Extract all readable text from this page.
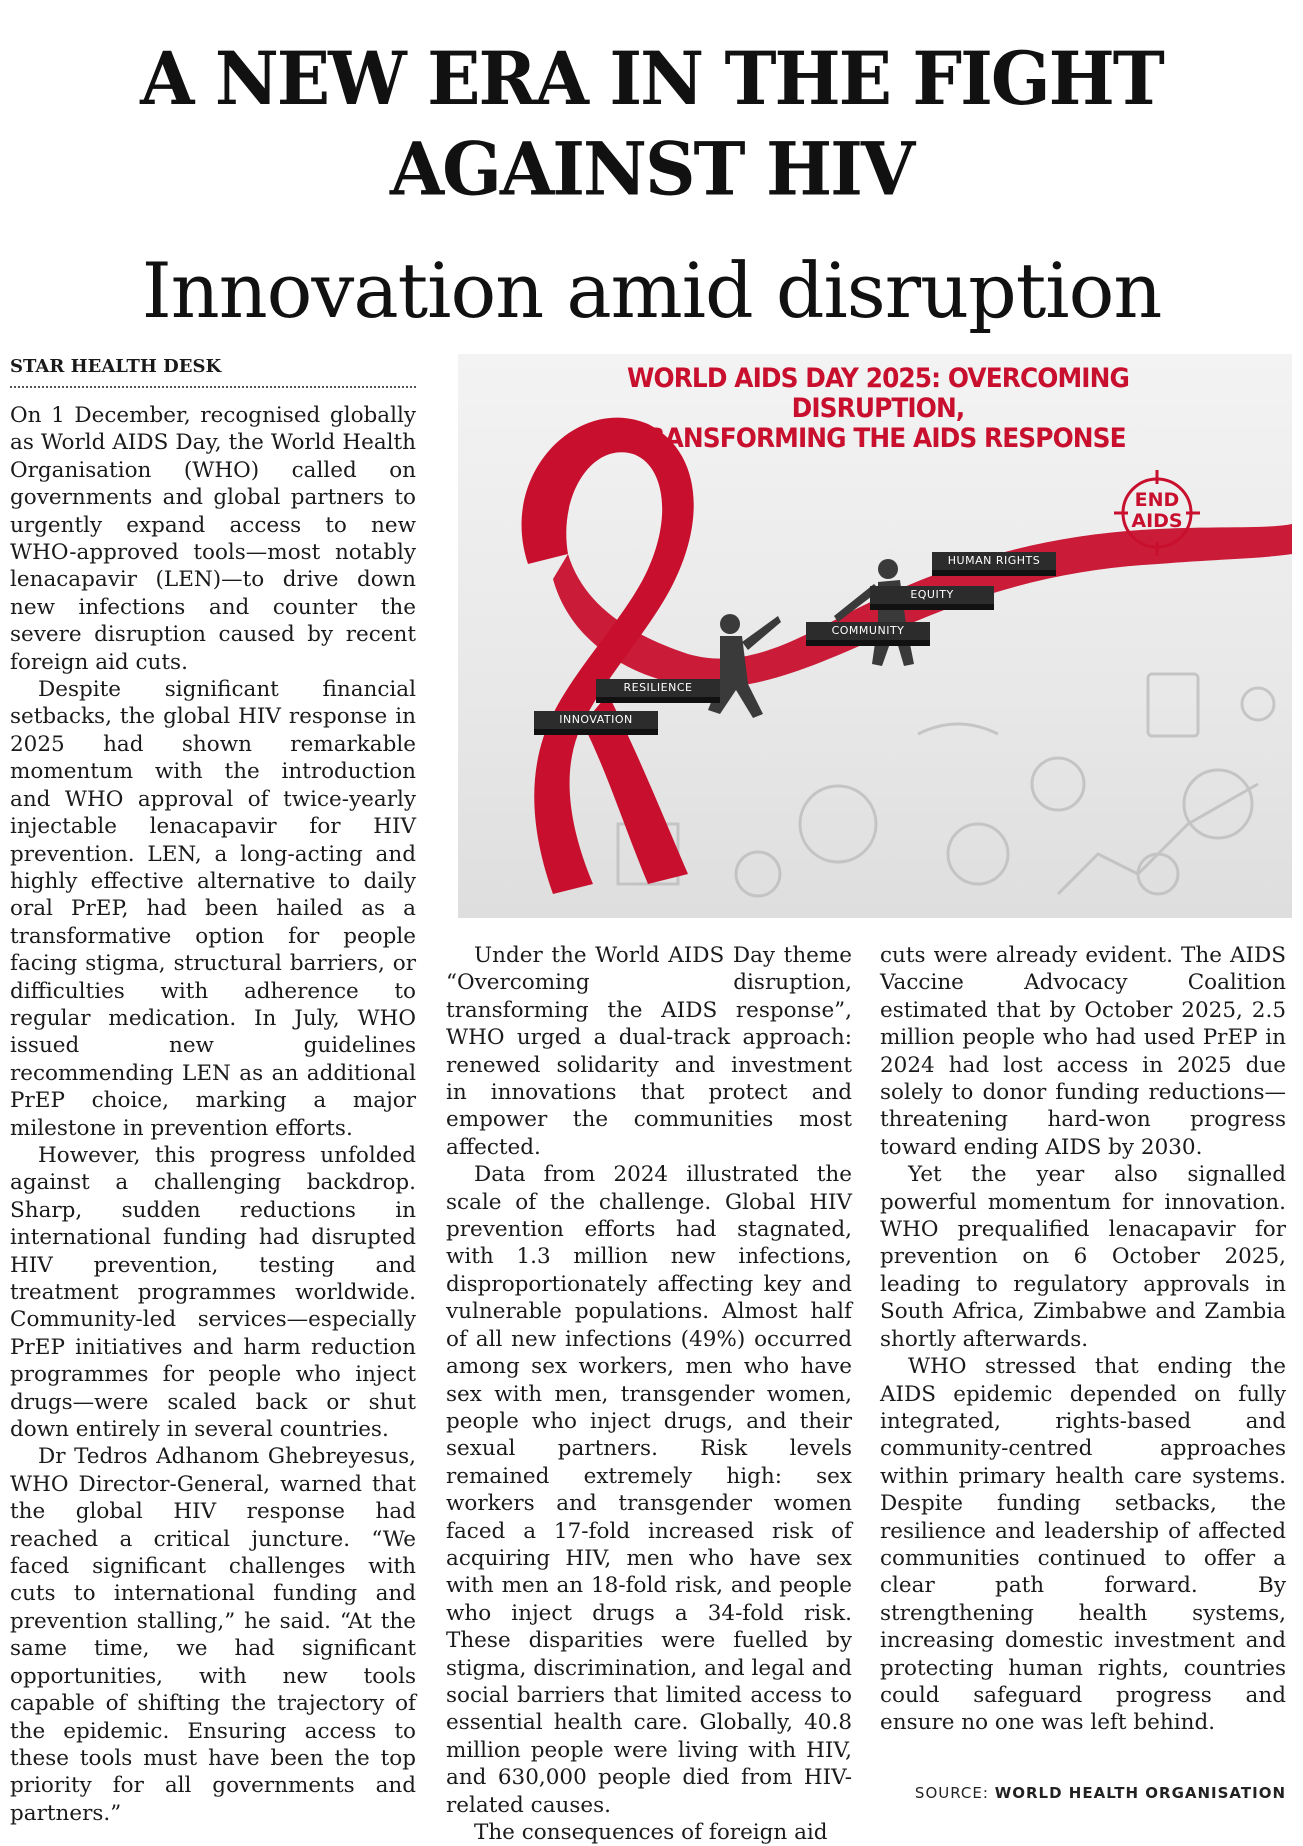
A NEW ERA IN THE FIGHT
AGAINST HIV
Innovation amid disruption
STAR HEALTH DESK

On 1 December, recognised globally as World AIDS Day, the World Health Organisation (WHO) called on governments and global partners to urgently expand access to new WHO-approved tools—most notably lenacapavir (LEN)—to drive down new infections and counter the severe disruption caused by recent foreign aid cuts.

Despite significant financial setbacks, the global HIV response in 2025 had shown remarkable momentum with the introduction and WHO approval of twice-yearly injectable lenacapavir for HIV prevention. LEN, a long-acting and highly effective alternative to daily oral PrEP, had been hailed as a transformative option for people facing stigma, structural barriers, or difficulties with adherence to regular medication. In July, WHO issued new guidelines recommending LEN as an additional PrEP choice, marking a major milestone in prevention efforts.

However, this progress unfolded against a challenging backdrop. Sharp, sudden reductions in international funding had disrupted HIV prevention, testing and treatment programmes worldwide. Community-led services—especially PrEP initiatives and harm reduction programmes for people who inject drugs—were scaled back or shut down entirely in several countries.

Dr Tedros Adhanom Ghebreyesus, WHO Director-General, warned that the global HIV response had reached a critical juncture. “We faced significant challenges with cuts to international funding and prevention stalling,” he said. “At the same time, we had significant opportunities, with new tools capable of shifting the trajectory of the epidemic. Ensuring access to these tools must have been the top priority for all governments and partners.”

WORLD AIDS DAY 2025: OVERCOMING DISRUPTION,
TRANSFORMING THE AIDS RESPONSE
END
AIDS
INNOVATION
RESILIENCE
COMMUNITY
EQUITY
HUMAN RIGHTS

Under the World AIDS Day theme “Overcoming disruption, transforming the AIDS response”, WHO urged a dual-track approach: renewed solidarity and investment in innovations that protect and empower the communities most affected.

Data from 2024 illustrated the scale of the challenge. Global HIV prevention efforts had stagnated, with 1.3 million new infections, disproportionately affecting key and vulnerable populations. Almost half of all new infections (49%) occurred among sex workers, men who have sex with men, transgender women, people who inject drugs, and their sexual partners. Risk levels remained extremely high: sex workers and transgender women faced a 17-fold increased risk of acquiring HIV, men who have sex with men an 18-fold risk, and people who inject drugs a 34-fold risk. These disparities were fuelled by stigma, discrimination, and legal and social barriers that limited access to essential health care. Globally, 40.8 million people were living with HIV, and 630,000 people died from HIV-related causes.

The consequences of foreign aid

cuts were already evident. The AIDS Vaccine Advocacy Coalition estimated that by October 2025, 2.5 million people who had used PrEP in 2024 had lost access in 2025 due solely to donor funding reductions—threatening hard-won progress toward ending AIDS by 2030.

Yet the year also signalled powerful momentum for innovation. WHO prequalified lenacapavir for prevention on 6 October 2025, leading to regulatory approvals in South Africa, Zimbabwe and Zambia shortly afterwards.

WHO stressed that ending the AIDS epidemic depended on fully integrated, rights-based and community-centred approaches within primary health care systems. Despite funding setbacks, the resilience and leadership of affected communities continued to offer a clear path forward. By strengthening health systems, increasing domestic investment and protecting human rights, countries could safeguard progress and ensure no one was left behind.

SOURCE: WORLD HEALTH ORGANISATION
